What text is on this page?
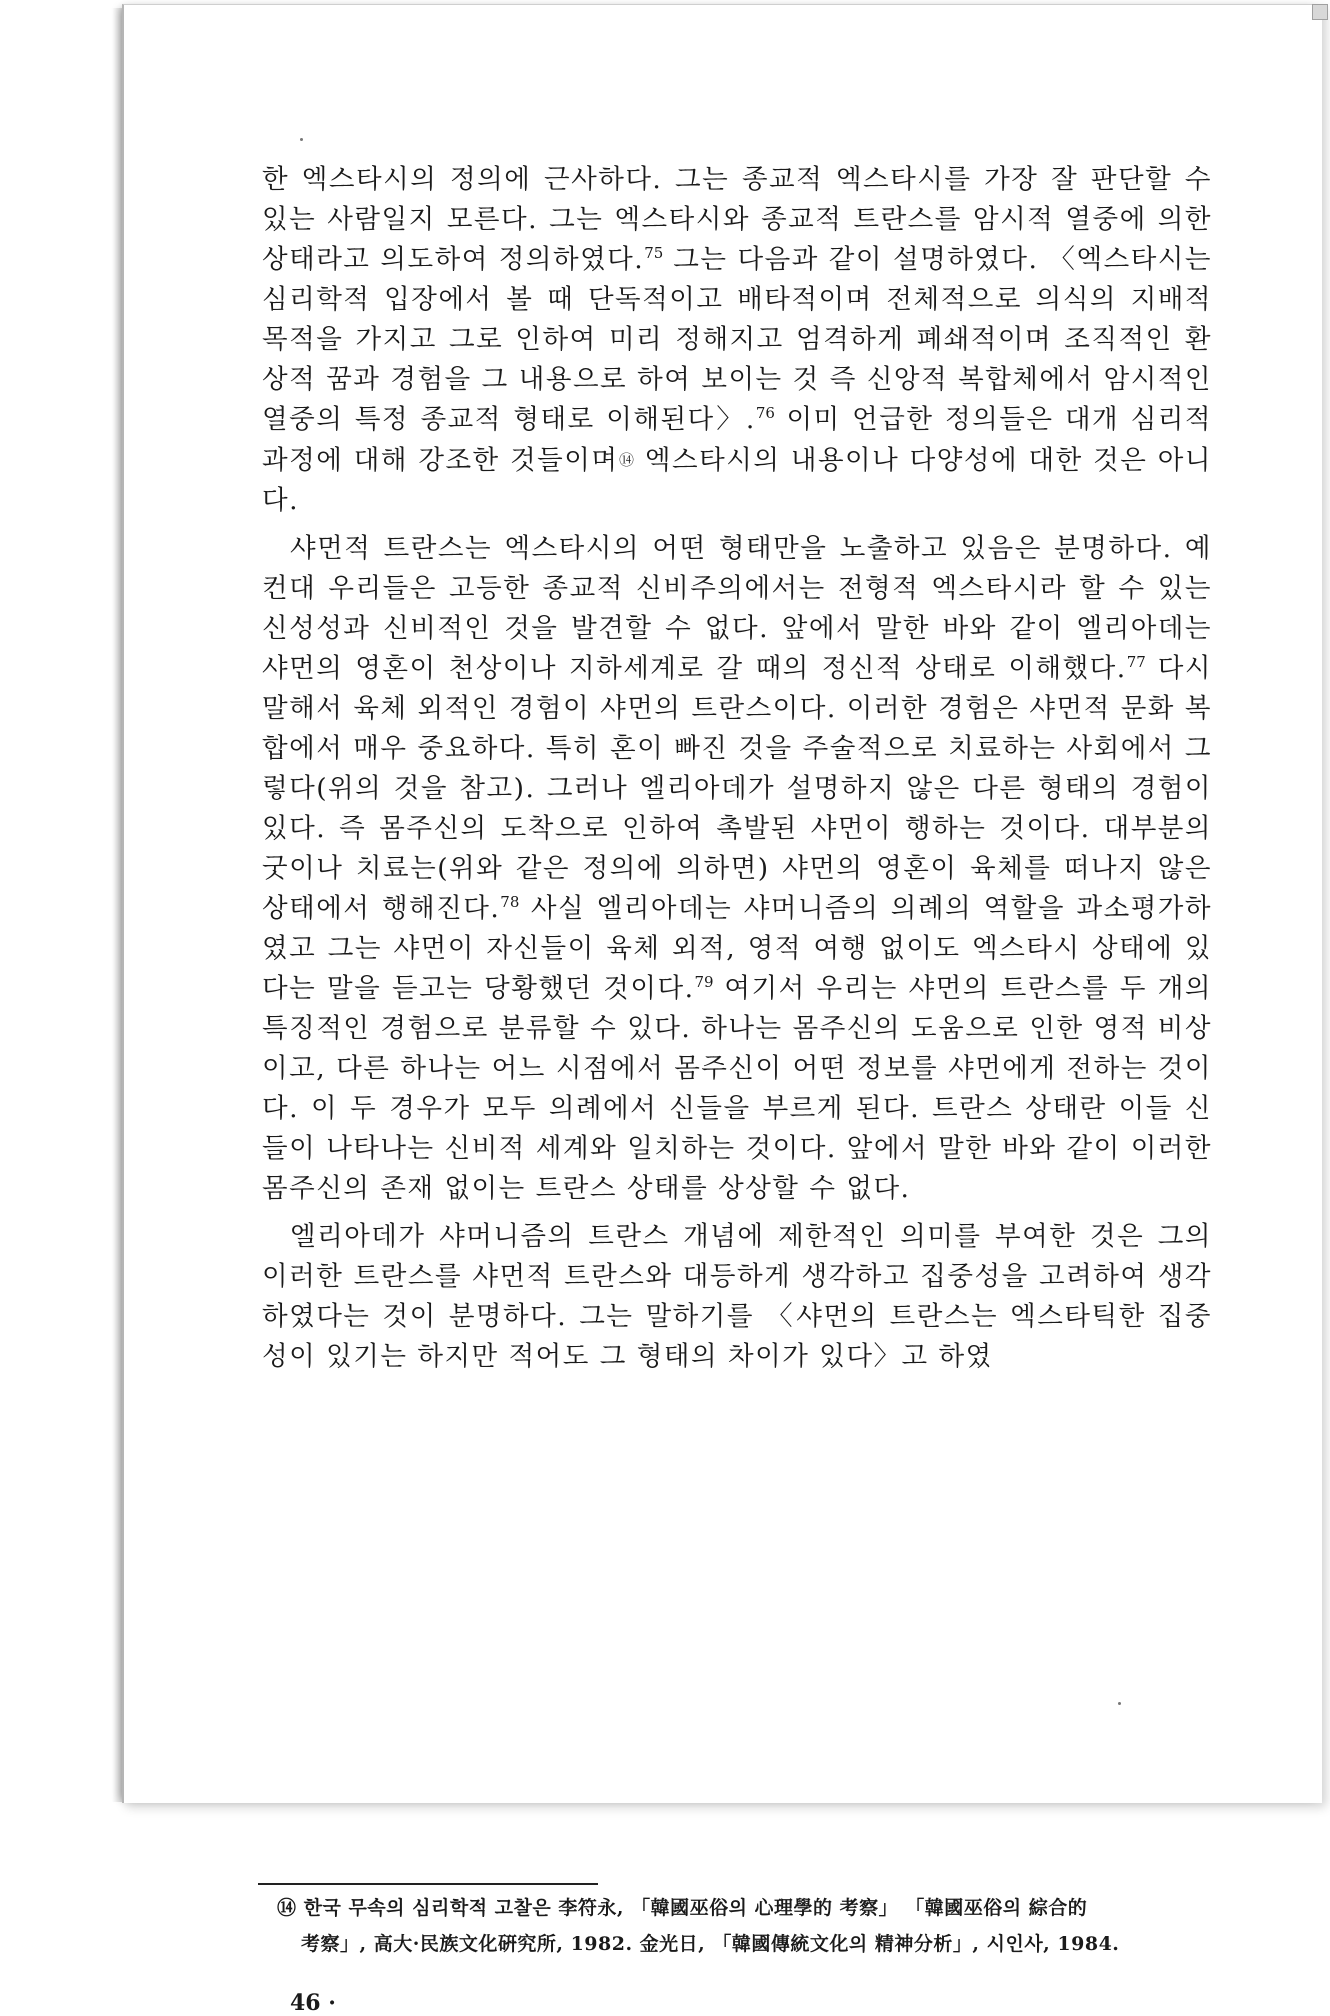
한 엑스타시의 정의에 근사하다. 그는 종교적 엑스타시를 가장 잘 판단할 수 있는 사람일지 모른다. 그는 엑스타시와 종교적 트란스를 암시적 열중에 의한 상태라고 의도하여 정의하였다.$^{75}$ 그는 다음과 같이 설명하였다. 〈엑스타시는 심리학적 입장에서 볼 때 단독적이고 배타적이며 전체적으로 의식의 지배적 목적을 가지고 그로 인하여 미리 정해지고 엄격하게 폐쇄적이며 조직적인 환상적 꿈과 경험을 그 내용으로 하여 보이는 것 즉 신앙적 복합체에서 암시적인 열중의 특정 종교적 형태로 이해된다〉.$^{76}$ 이미 언급한 정의들은 대개 심리적 과정에 대해 강조한 것들이며⑭ 엑스타시의 내용이나 다양성에 대한 것은 아니다.

샤먼적 트란스는 엑스타시의 어떤 형태만을 노출하고 있음은 분명하다. 예컨대 우리들은 고등한 종교적 신비주의에서는 전형적 엑스타시라 할 수 있는 신성성과 신비적인 것을 발견할 수 없다. 앞에서 말한 바와 같이 엘리아데는 샤먼의 영혼이 천상이나 지하세계로 갈 때의 정신적 상태로 이해했다.$^{77}$ 다시 말해서 육체 외적인 경험이 샤먼의 트란스이다. 이러한 경험은 샤먼적 문화 복합에서 매우 중요하다. 특히 혼이 빠진 것을 주술적으로 치료하는 사회에서 그렇다(위의 것을 참고). 그러나 엘리아데가 설명하지 않은 다른 형태의 경험이 있다. 즉 몸주신의 도착으로 인하여 촉발된 샤먼이 행하는 것이다. 대부분의 굿이나 치료는(위와 같은 정의에 의하면) 샤먼의 영혼이 육체를 떠나지 않은 상태에서 행해진다.$^{78}$ 사실 엘리아데는 샤머니즘의 의례의 역할을 과소평가하였고 그는 샤먼이 자신들이 육체 외적, 영적 여행 없이도 엑스타시 상태에 있다는 말을 듣고는 당황했던 것이다.$^{79}$ 여기서 우리는 샤먼의 트란스를 두 개의 특징적인 경험으로 분류할 수 있다. 하나는 몸주신의 도움으로 인한 영적 비상이고, 다른 하나는 어느 시점에서 몸주신이 어떤 정보를 샤먼에게 전하는 것이다. 이 두 경우가 모두 의례에서 신들을 부르게 된다. 트란스 상태란 이들 신들이 나타나는 신비적 세계와 일치하는 것이다. 앞에서 말한 바와 같이 이러한 몸주신의 존재 없이는 트란스 상태를 상상할 수 없다.

엘리아데가 샤머니즘의 트란스 개념에 제한적인 의미를 부여한 것은 그의 이러한 트란스를 샤먼적 트란스와 대등하게 생각하고 집중성을 고려하여 생각하였다는 것이 분명하다. 그는 말하기를 〈샤먼의 트란스는 엑스타틱한 집중성이 있기는 하지만 적어도 그 형태의 차이가 있다〉고 하였

⑭ 한국 무속의 심리학적 고찰은 李符永, 「韓國巫俗의 心理學的 考察」 「韓國巫俗의 綜合的
考察」, 高大·民族文化硏究所, 1982. 金光日, 「韓國傳統文化의 精神分析」, 시인사, 1984.
46 ·
